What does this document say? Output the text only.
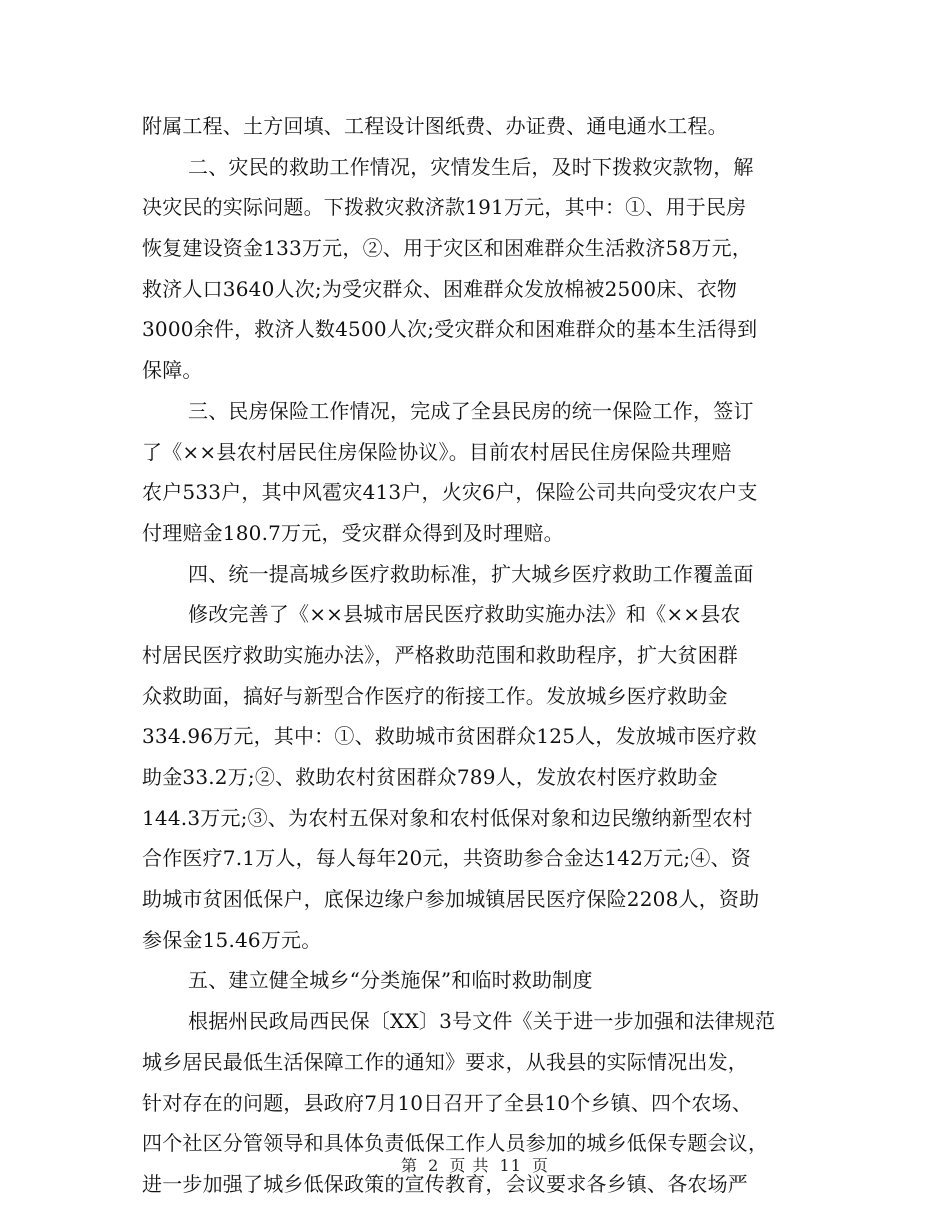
附属工程、土方回填、工程设计图纸费、办证费、通电通水工程。
二、灾民的救助工作情况，灾情发生后，及时下拨救灾款物，解
决灾民的实际问题。下拨救灾救济款191万元，其中：①、用于民房
恢复建设资金133万元，②、用于灾区和困难群众生活救济58万元，
救济人口3640人次;为受灾群众、困难群众发放棉被2500床、衣物
3000余件，救济人数4500人次;受灾群众和困难群众的基本生活得到
保障。
三、民房保险工作情况，完成了全县民房的统一保险工作，签订
了《××县农村居民住房保险协议》。目前农村居民住房保险共理赔
农户533户，其中风雹灾413户，火灾6户，保险公司共向受灾农户支
付理赔金180.7万元，受灾群众得到及时理赔。
四、统一提高城乡医疗救助标准，扩大城乡医疗救助工作覆盖面
修改完善了《××县城市居民医疗救助实施办法》和《××县农
村居民医疗救助实施办法》，严格救助范围和救助程序，扩大贫困群
众救助面，搞好与新型合作医疗的衔接工作。发放城乡医疗救助金
334.96万元，其中：①、救助城市贫困群众125人，发放城市医疗救
助金33.2万;②、救助农村贫困群众789人，发放农村医疗救助金
144.3万元;③、为农村五保对象和农村低保对象和边民缴纳新型农村
合作医疗7.1万人，每人每年20元，共资助参合金达142万元;④、资
助城市贫困低保户，底保边缘户参加城镇居民医疗保险2208人，资助
参保金15.46万元。
五、建立健全城乡“分类施保”和临时救助制度
根据州民政局西民保〔XX〕3号文件《关于进一步加强和法律规范
城乡居民最低生活保障工作的通知》要求，从我县的实际情况出发，
针对存在的问题，县政府7月10日召开了全县10个乡镇、四个农场、
四个社区分管领导和具体负责低保工作人员参加的城乡低保专题会议，
进一步加强了城乡低保政策的宣传教育，会议要求各乡镇、各农场严
第 2 页 共 11 页
